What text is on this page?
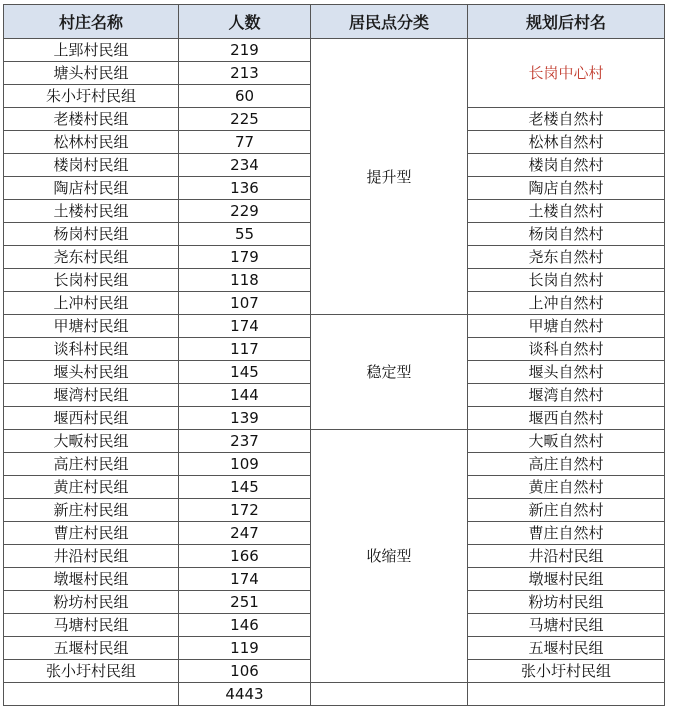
村庄名称	人数	居民点分类	规划后村名
上郢村民组	219	提升型	长岗中心村
塘头村民组	213		
朱小圩村民组	60		
老楼村民组	225		老楼自然村
松林村民组	77		松林自然村
楼岗村民组	234		楼岗自然村
陶店村民组	136		陶店自然村
土楼村民组	229		土楼自然村
杨岗村民组	55		杨岗自然村
尧东村民组	179		尧东自然村
长岗村民组	118		长岗自然村
上冲村民组	107		上冲自然村
甲塘村民组	174	稳定型	甲塘自然村
谈科村民组	117		谈科自然村
堰头村民组	145		堰头自然村
堰湾村民组	144		堰湾自然村
堰西村民组	139		堰西自然村
大畈村民组	237	收缩型	大畈自然村
高庄村民组	109		高庄自然村
黄庄村民组	145		黄庄自然村
新庄村民组	172		新庄自然村
曹庄村民组	247		曹庄自然村
井沿村民组	166		井沿村民组
墩堰村民组	174		墩堰村民组
粉坊村民组	251		粉坊村民组
马塘村民组	146		马塘村民组
五堰村民组	119		五堰村民组
张小圩村民组	106		张小圩村民组
	4443		
